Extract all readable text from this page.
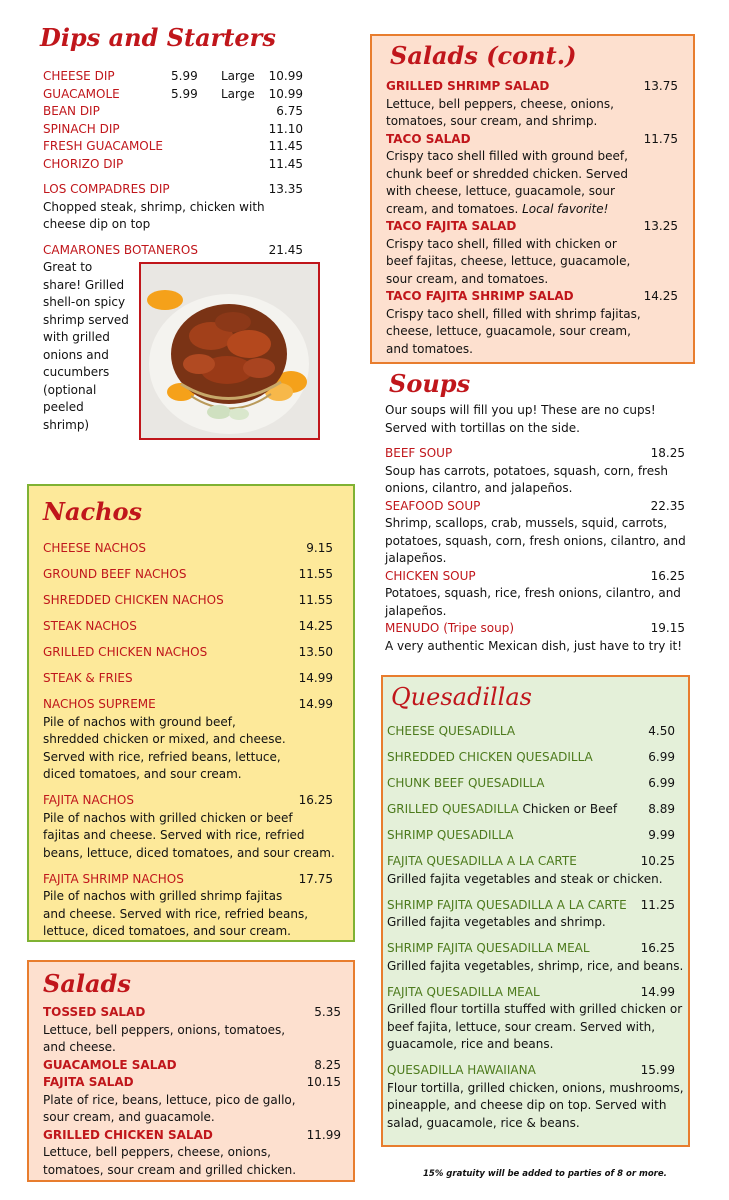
Dips and Starters
CHEESE DIP	5.99	Large	10.99
GUACAMOLE	5.99	Large	10.99
BEAN DIP	6.75
SPINACH DIP	11.10
FRESH GUACAMOLE	11.45
CHORIZO DIP	11.45
LOS COMPADRES DIP	13.35
Chopped steak, shrimp, chicken with
cheese dip on top
CAMARONES BOTANEROS	21.45
Great to
share! Grilled
shell-on spicy
shrimp served
with grilled
onions and
cucumbers
(optional
peeled
shrimp)
Nachos
CHEESE NACHOS	9.15
GROUND BEEF NACHOS	11.55
SHREDDED CHICKEN NACHOS	11.55
STEAK NACHOS	14.25
GRILLED CHICKEN NACHOS	13.50
STEAK & FRIES	14.99
NACHOS SUPREME	14.99
Pile of nachos with ground beef,
shredded chicken or mixed, and cheese.
Served with rice, refried beans, lettuce,
diced tomatoes, and sour cream.
FAJITA NACHOS	16.25
Pile of nachos with grilled chicken or beef
fajitas and cheese. Served with rice, refried
beans, lettuce, diced tomatoes, and sour cream.
FAJITA SHRIMP NACHOS	17.75
Pile of nachos with grilled shrimp fajitas
and cheese. Served with rice, refried beans,
lettuce, diced tomatoes, and sour cream.
Salads
TOSSED SALAD	5.35
Lettuce, bell peppers, onions, tomatoes,
and cheese.
GUACAMOLE SALAD	8.25
FAJITA SALAD	10.15
Plate of rice, beans, lettuce, pico de gallo,
sour cream, and guacamole.
GRILLED CHICKEN SALAD	11.99
Lettuce, bell peppers, cheese, onions,
tomatoes, sour cream and grilled chicken.
Salads (cont.)
GRILLED SHRIMP SALAD	13.75
Lettuce, bell peppers, cheese, onions,
tomatoes, sour cream, and shrimp.
TACO SALAD	11.75
Crispy taco shell filled with ground beef,
chunk beef or shredded chicken. Served
with cheese, lettuce, guacamole, sour
cream, and tomatoes. Local favorite!
TACO FAJITA SALAD	13.25
Crispy taco shell, filled with chicken or
beef fajitas, cheese, lettuce, guacamole,
sour cream, and tomatoes.
TACO FAJITA SHRIMP SALAD	14.25
Crispy taco shell, filled with shrimp fajitas,
cheese, lettuce, guacamole, sour cream,
and tomatoes.
Soups
Our soups will fill you up! These are no cups!
Served with tortillas on the side.
BEEF SOUP	18.25
Soup has carrots, potatoes, squash, corn, fresh
onions, cilantro, and jalapeños.
SEAFOOD SOUP	22.35
Shrimp, scallops, crab, mussels, squid, carrots,
potatoes, squash, corn, fresh onions, cilantro, and
jalapeños.
CHICKEN SOUP	16.25
Potatoes, squash, rice, fresh onions, cilantro, and
jalapeños.
MENUDO (Tripe soup)	19.15
A very authentic Mexican dish, just have to try it!
Quesadillas
CHEESE QUESADILLA	4.50
SHREDDED CHICKEN QUESADILLA	6.99
CHUNK BEEF QUESADILLA	6.99
GRILLED QUESADILLA Chicken or Beef	8.89
SHRIMP QUESADILLA	9.99
FAJITA QUESADILLA A LA CARTE	10.25
Grilled fajita vegetables and steak or chicken.
SHRIMP FAJITA QUESADILLA A LA CARTE	11.25
Grilled fajita vegetables and shrimp.
SHRIMP FAJITA QUESADILLA MEAL	16.25
Grilled fajita vegetables, shrimp, rice, and beans.
FAJITA QUESADILLA MEAL	14.99
Grilled flour tortilla stuffed with grilled chicken or
beef fajita, lettuce, sour cream. Served with,
guacamole, rice and beans.
QUESADILLA HAWAIIANA	15.99
Flour tortilla, grilled chicken, onions, mushrooms,
pineapple, and cheese dip on top. Served with
salad, guacamole, rice & beans.
15% gratuity will be added to parties of 8 or more.
